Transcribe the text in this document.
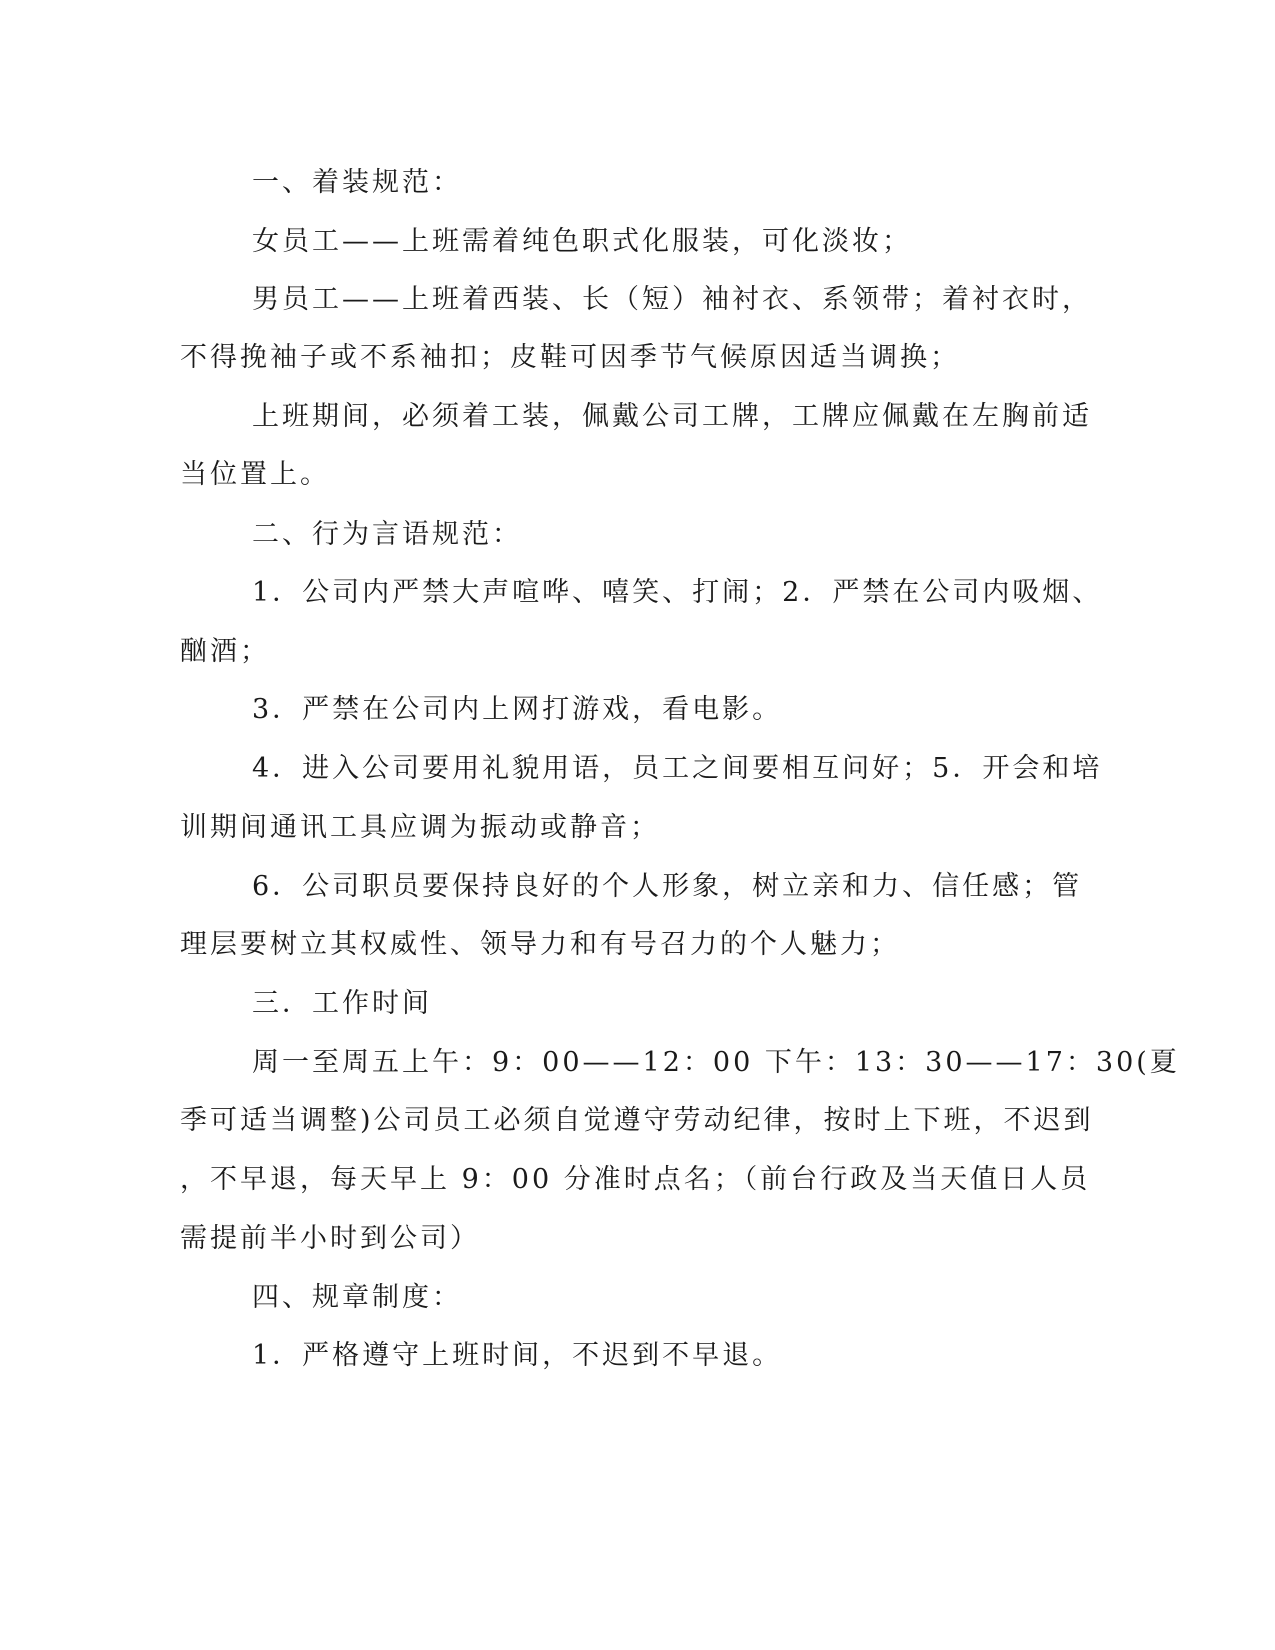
一、着装规范：
女员工——上班需着纯色职式化服装，可化淡妆；
男员工——上班着西装、长（短）袖衬衣、系领带；着衬衣时，
不得挽袖子或不系袖扣；皮鞋可因季节气候原因适当调换；
上班期间，必须着工装，佩戴公司工牌，工牌应佩戴在左胸前适
当位置上。
二、行为言语规范：
1．公司内严禁大声喧哗、嘻笑、打闹；2．严禁在公司内吸烟、
酗酒；
3．严禁在公司内上网打游戏，看电影。
4．进入公司要用礼貌用语，员工之间要相互问好；5．开会和培
训期间通讯工具应调为振动或静音；
6．公司职员要保持良好的个人形象，树立亲和力、信任感；管
理层要树立其权威性、领导力和有号召力的个人魅力；
三．工作时间
周一至周五上午：9：00——12：00 下午：13：30——17：30(夏
季可适当调整)公司员工必须自觉遵守劳动纪律，按时上下班，不迟到
，不早退，每天早上 9：00 分准时点名；（前台行政及当天值日人员
需提前半小时到公司）
四、规章制度：
1．严格遵守上班时间，不迟到不早退。
